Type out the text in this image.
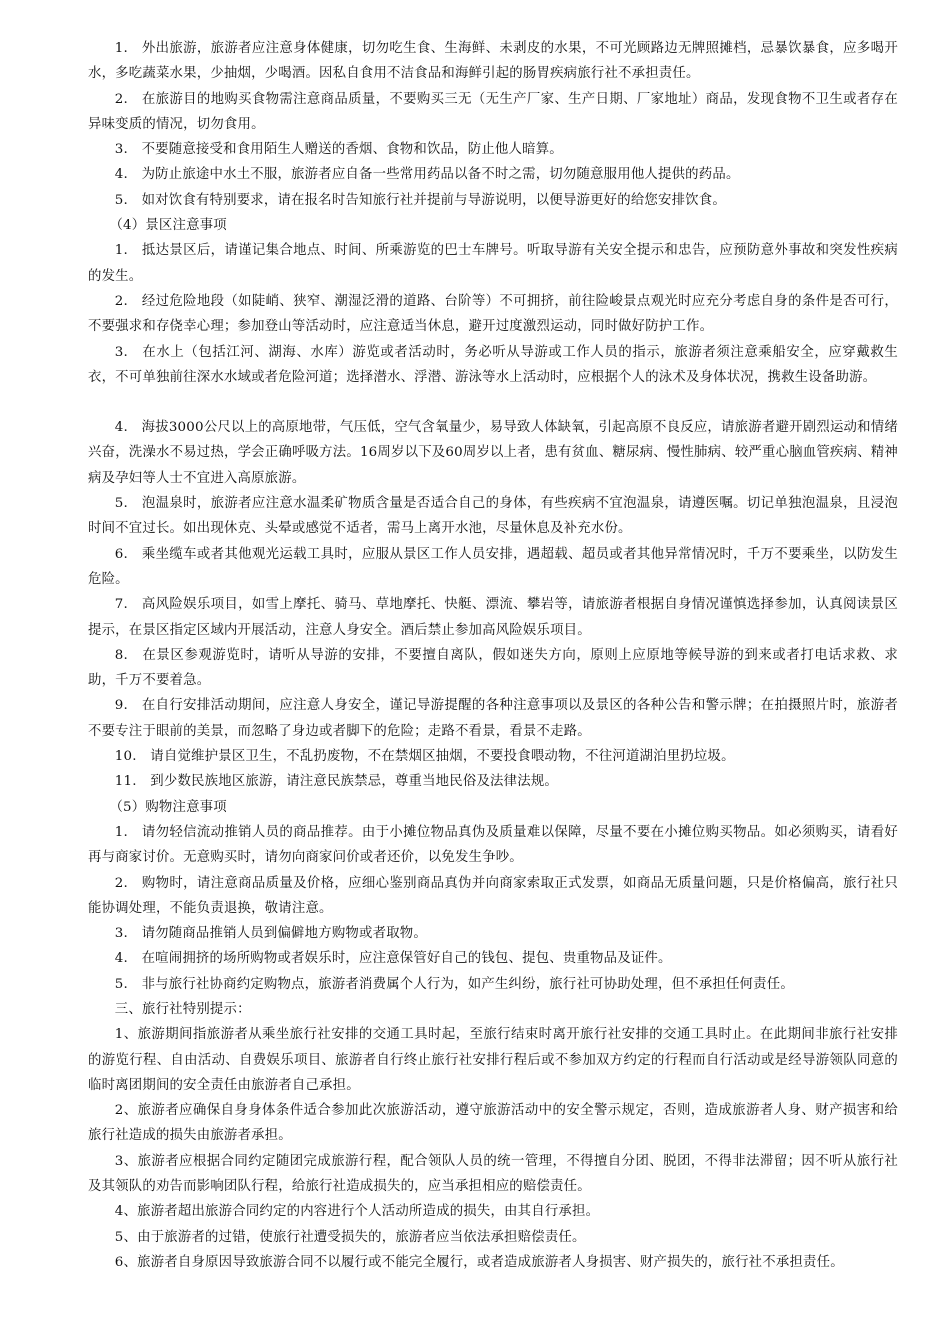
1.　外出旅游，旅游者应注意身体健康，切勿吃生食、生海鲜、未剥皮的水果，不可光顾路边无牌照摊档，忌暴饮暴食，应多喝开水，多吃蔬菜水果，少抽烟，少喝酒。因私自食用不洁食品和海鲜引起的肠胃疾病旅行社不承担责任。

2.　在旅游目的地购买食物需注意商品质量，不要购买三无（无生产厂家、生产日期、厂家地址）商品，发现食物不卫生或者存在异味变质的情况，切勿食用。

3.　不要随意接受和食用陌生人赠送的香烟、食物和饮品，防止他人暗算。

4.　为防止旅途中水土不服，旅游者应自备一些常用药品以备不时之需，切勿随意服用他人提供的药品。

5.　如对饮食有特别要求，请在报名时告知旅行社并提前与导游说明，以便导游更好的给您安排饮食。

（4）景区注意事项

1.　抵达景区后，请谨记集合地点、时间、所乘游览的巴士车牌号。听取导游有关安全提示和忠告，应预防意外事故和突发性疾病的发生。

2.　经过危险地段（如陡峭、狭窄、潮湿泛滑的道路、台阶等）不可拥挤，前往险峻景点观光时应充分考虑自身的条件是否可行，不要强求和存侥幸心理；参加登山等活动时，应注意适当休息，避开过度激烈运动，同时做好防护工作。

3.　在水上（包括江河、湖海、水库）游览或者活动时，务必听从导游或工作人员的指示，旅游者须注意乘船安全，应穿戴救生衣，不可单独前往深水水域或者危险河道；选择潜水、浮潜、游泳等水上活动时，应根据个人的泳术及身体状况，携救生设备助游。

4.　海拔3000公尺以上的高原地带，气压低，空气含氧量少，易导致人体缺氧，引起高原不良反应，请旅游者避开剧烈运动和情绪兴奋，洗澡水不易过热，学会正确呼吸方法。16周岁以下及60周岁以上者，患有贫血、糖尿病、慢性肺病、较严重心脑血管疾病、精神病及孕妇等人士不宜进入高原旅游。

5.　泡温泉时，旅游者应注意水温柔矿物质含量是否适合自己的身体，有些疾病不宜泡温泉，请遵医嘱。切记单独泡温泉，且浸泡时间不宜过长。如出现休克、头晕或感觉不适者，需马上离开水池，尽量休息及补充水份。

6.　乘坐缆车或者其他观光运载工具时，应服从景区工作人员安排，遇超载、超员或者其他异常情况时，千万不要乘坐，以防发生危险。

7.　高风险娱乐项目，如雪上摩托、骑马、草地摩托、快艇、漂流、攀岩等，请旅游者根据自身情况谨慎选择参加，认真阅读景区提示，在景区指定区域内开展活动，注意人身安全。酒后禁止参加高风险娱乐项目。

8.　在景区参观游览时，请听从导游的安排，不要擅自离队，假如迷失方向，原则上应原地等候导游的到来或者打电话求救、求助，千万不要着急。

9.　在自行安排活动期间，应注意人身安全，谨记导游提醒的各种注意事项以及景区的各种公告和警示牌；在拍摄照片时，旅游者不要专注于眼前的美景，而忽略了身边或者脚下的危险；走路不看景，看景不走路。

10.　请自觉维护景区卫生，不乱扔废物，不在禁烟区抽烟，不要投食喂动物，不往河道湖泊里扔垃圾。

11.　到少数民族地区旅游，请注意民族禁忌，尊重当地民俗及法律法规。

（5）购物注意事项

1.　请勿轻信流动推销人员的商品推荐。由于小摊位物品真伪及质量难以保障，尽量不要在小摊位购买物品。如必须购买，请看好再与商家讨价。无意购买时，请勿向商家问价或者还价，以免发生争吵。

2.　购物时，请注意商品质量及价格，应细心鉴别商品真伪并向商家索取正式发票，如商品无质量问题，只是价格偏高，旅行社只能协调处理，不能负责退换，敬请注意。

3.　请勿随商品推销人员到偏僻地方购物或者取物。

4.　在喧闹拥挤的场所购物或者娱乐时，应注意保管好自己的钱包、提包、贵重物品及证件。

5.　非与旅行社协商约定购物点，旅游者消费属个人行为，如产生纠纷，旅行社可协助处理，但不承担任何责任。

三、旅行社特别提示：

1、旅游期间指旅游者从乘坐旅行社安排的交通工具时起，至旅行结束时离开旅行社安排的交通工具时止。在此期间非旅行社安排的游览行程、自由活动、自费娱乐项目、旅游者自行终止旅行社安排行程后或不参加双方约定的行程而自行活动或是经导游领队同意的临时离团期间的安全责任由旅游者自己承担。

2、旅游者应确保自身身体条件适合参加此次旅游活动，遵守旅游活动中的安全警示规定，否则，造成旅游者人身、财产损害和给旅行社造成的损失由旅游者承担。

3、旅游者应根据合同约定随团完成旅游行程，配合领队人员的统一管理，不得擅自分团、脱团，不得非法滞留；因不听从旅行社及其领队的劝告而影响团队行程，给旅行社造成损失的，应当承担相应的赔偿责任。

4、旅游者超出旅游合同约定的内容进行个人活动所造成的损失，由其自行承担。

5、由于旅游者的过错，使旅行社遭受损失的，旅游者应当依法承担赔偿责任。

6、旅游者自身原因导致旅游合同不以履行或不能完全履行，或者造成旅游者人身损害、财产损失的，旅行社不承担责任。
